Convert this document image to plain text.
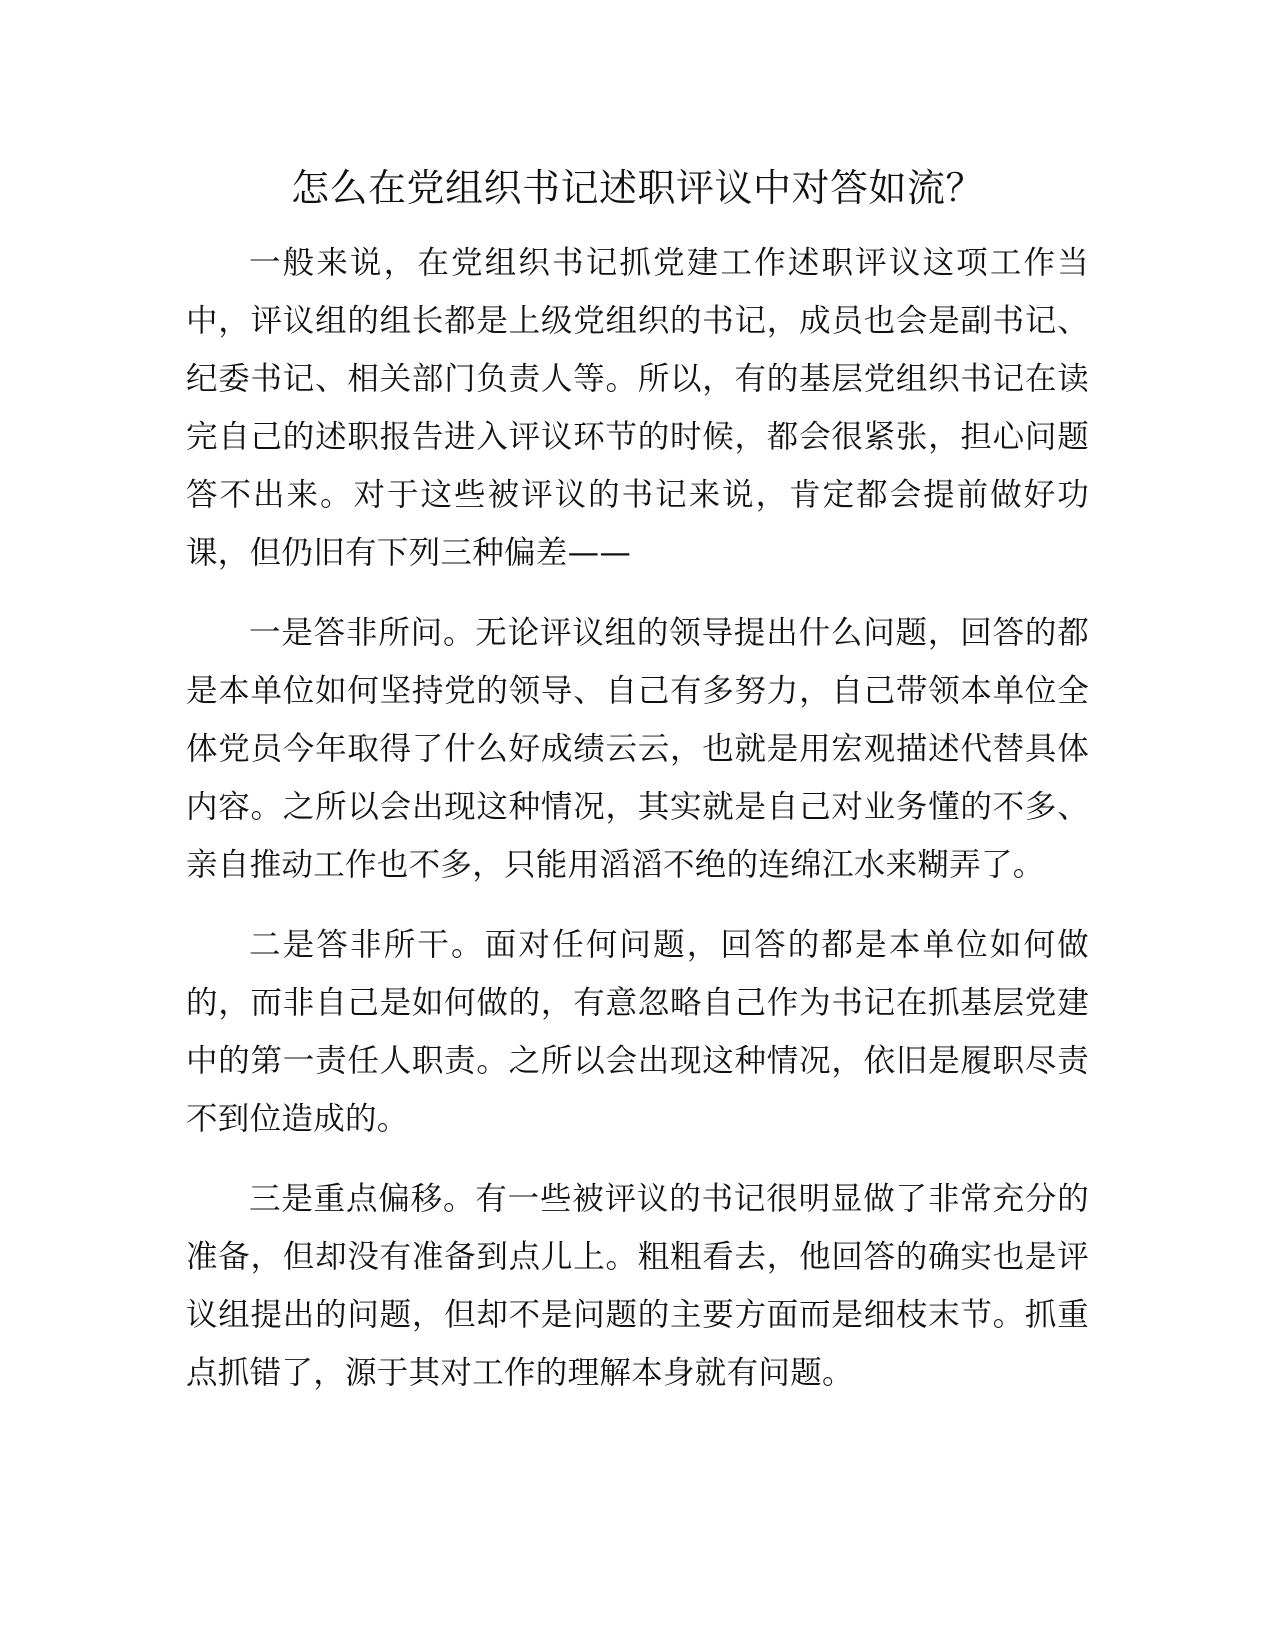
怎么在党组织书记述职评议中对答如流？

一般来说，在党组织书记抓党建工作述职评议这项工作当中，评议组的组长都是上级党组织的书记，成员也会是副书记、纪委书记、相关部门负责人等。所以，有的基层党组织书记在读完自己的述职报告进入评议环节的时候，都会很紧张，担心问题答不出来。对于这些被评议的书记来说，肯定都会提前做好功课，但仍旧有下列三种偏差——

一是答非所问。无论评议组的领导提出什么问题，回答的都是本单位如何坚持党的领导、自己有多努力，自己带领本单位全体党员今年取得了什么好成绩云云，也就是用宏观描述代替具体内容。之所以会出现这种情况，其实就是自己对业务懂的不多、亲自推动工作也不多，只能用滔滔不绝的连绵江水来糊弄了。

二是答非所干。面对任何问题，回答的都是本单位如何做的，而非自己是如何做的，有意忽略自己作为书记在抓基层党建中的第一责任人职责。之所以会出现这种情况，依旧是履职尽责不到位造成的。

三是重点偏移。有一些被评议的书记很明显做了非常充分的准备，但却没有准备到点儿上。粗粗看去，他回答的确实也是评议组提出的问题，但却不是问题的主要方面而是细枝末节。抓重点抓错了，源于其对工作的理解本身就有问题。
